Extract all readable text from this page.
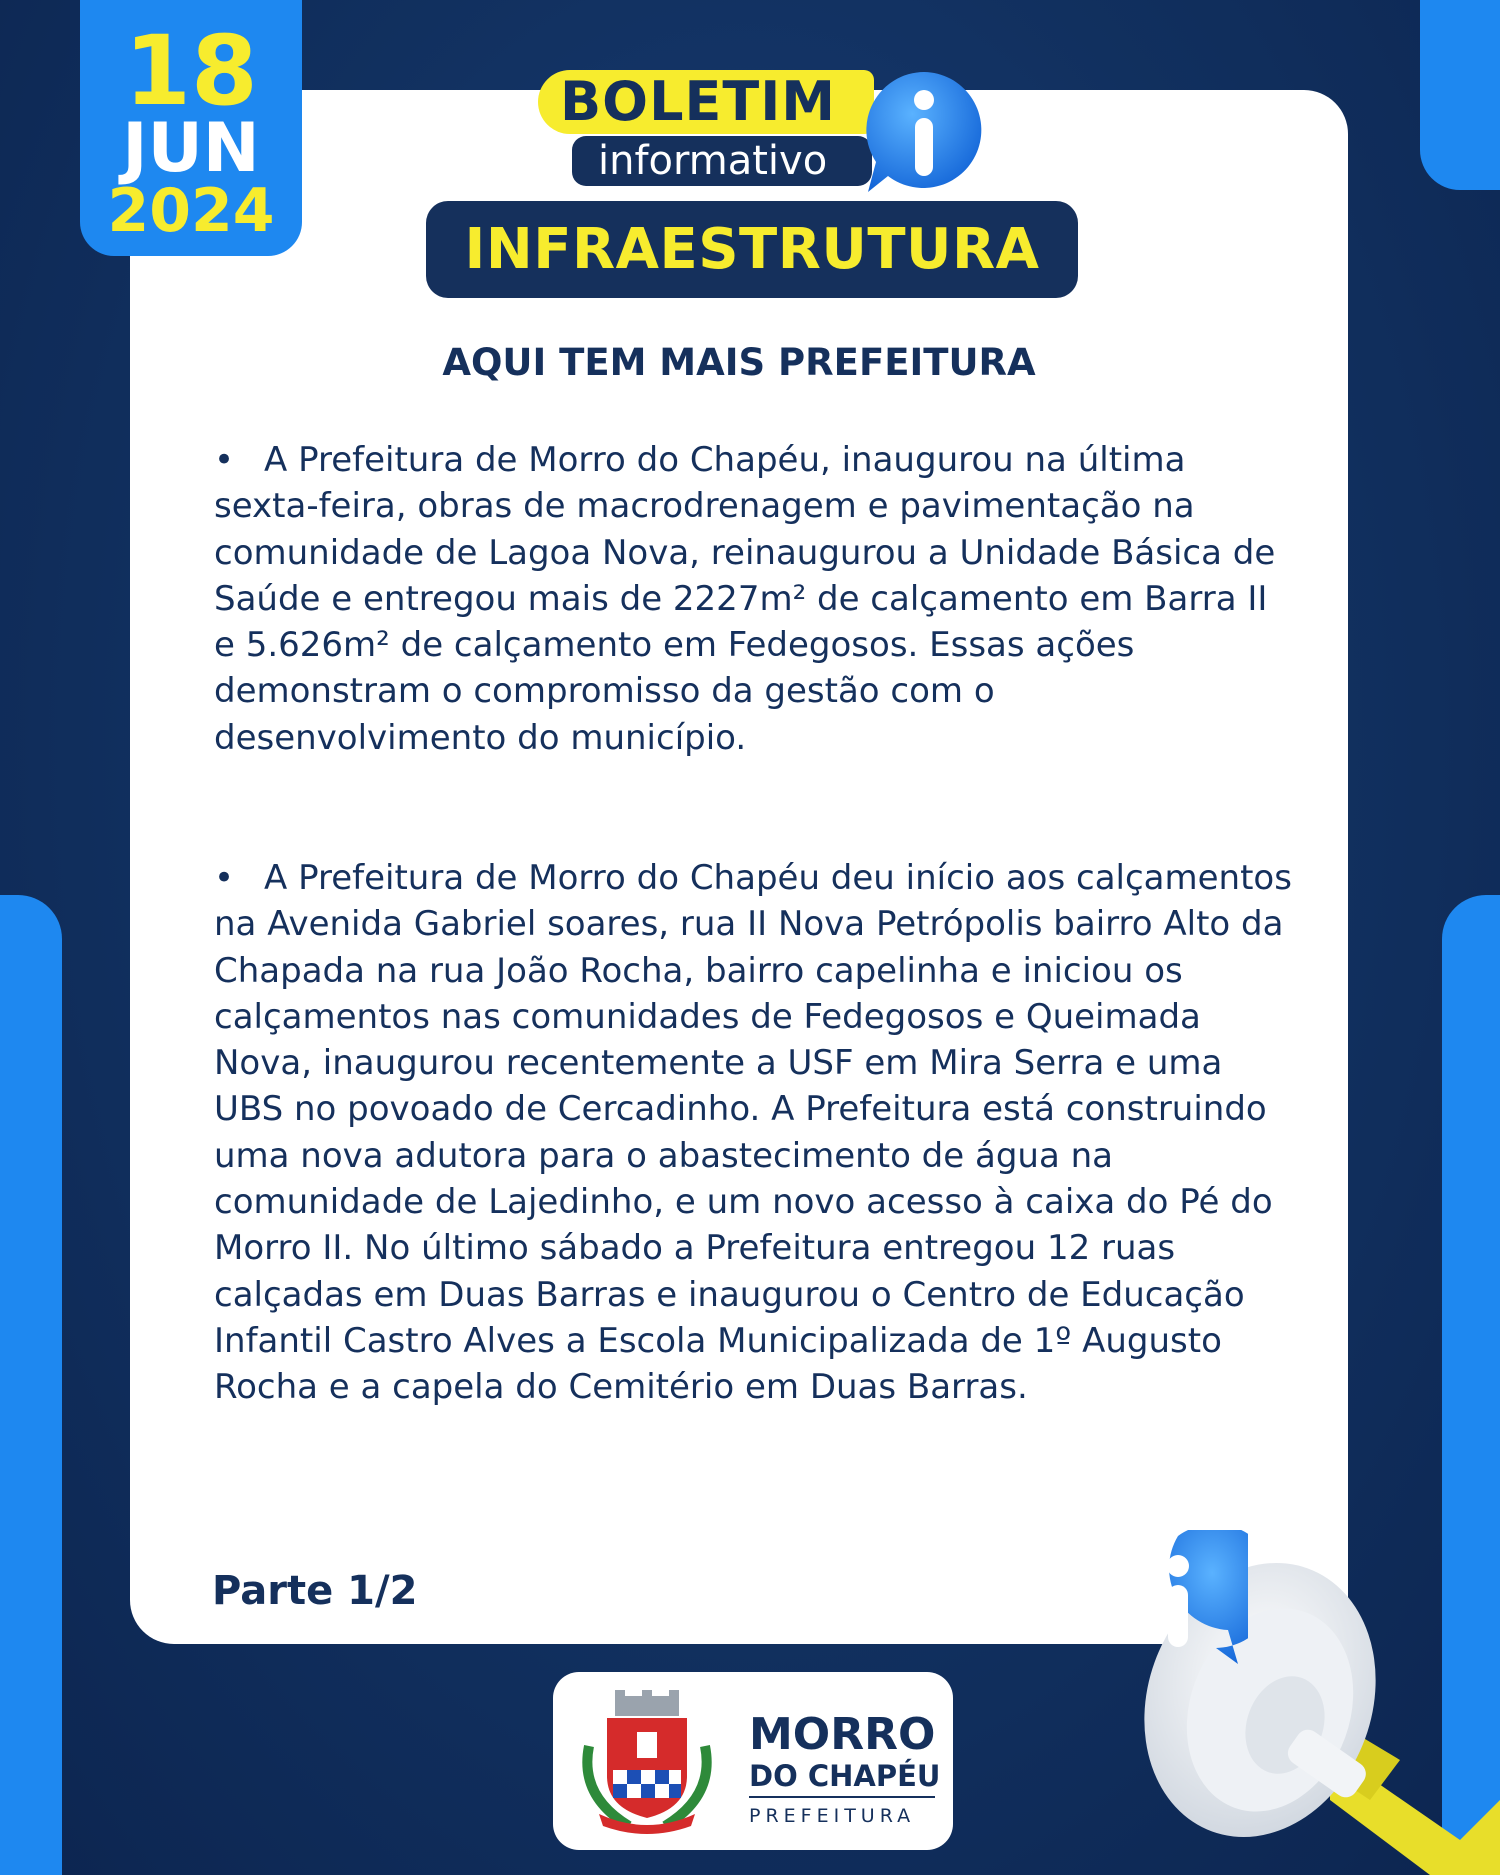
18
JUN
2024
BOLETIM
informativo
INFRAESTRUTURA
AQUI TEM MAIS PREFEITURA

• A Prefeitura de Morro do Chapéu, inaugurou na última sexta-feira, obras de macrodrenagem e pavimentação na comunidade de Lagoa Nova, reinaugurou a Unidade Básica de Saúde e entregou mais de 2227m² de calçamento em Barra II e 5.626m² de calçamento em Fedegosos. Essas ações demonstram o compromisso da gestão com o desenvolvimento do município.

• A Prefeitura de Morro do Chapéu deu início aos calçamentos na Avenida Gabriel soares, rua II Nova Petrópolis bairro Alto da Chapada na rua João Rocha, bairro capelinha e iniciou os calçamentos nas comunidades de Fedegosos e Queimada Nova, inaugurou recentemente a USF em Mira Serra e uma UBS no povoado de Cercadinho. A Prefeitura está construindo uma nova adutora para o abastecimento de água na comunidade de Lajedinho, e um novo acesso à caixa do Pé do Morro II. No último sábado a Prefeitura entregou 12 ruas calçadas em Duas Barras e inaugurou o Centro de Educação Infantil Castro Alves a Escola Municipalizada de 1º Augusto Rocha e a capela do Cemitério em Duas Barras.

Parte 1/2
MORRO
DO CHAPÉU
PREFEITURA
